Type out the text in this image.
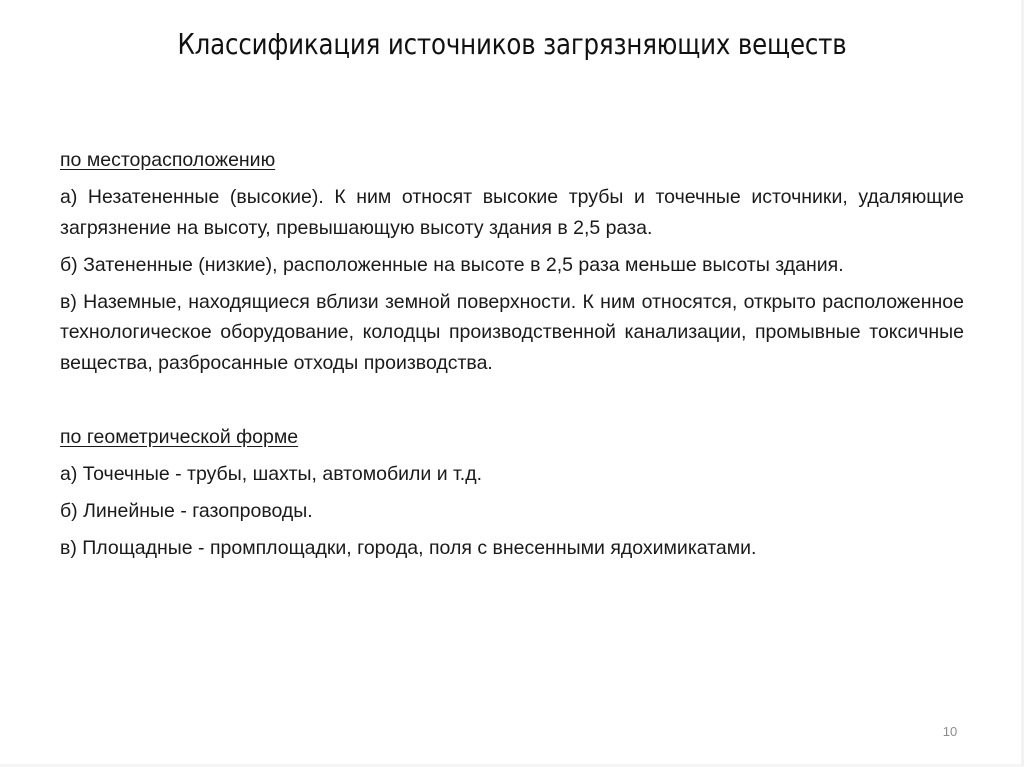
Классификация источников загрязняющих веществ

по месторасположению

а) Незатененные (высокие). К ним относят высокие трубы и точечные источники, удаляющие загрязнение на высоту, превышающую высоту здания в 2,5 раза.

б) Затененные (низкие), расположенные на высоте в 2,5 раза меньше высоты здания.

в) Наземные, находящиеся вблизи земной поверхности. К ним относятся, открыто расположенное технологическое оборудование, колодцы производственной канализации, промывные токсичные вещества, разбросанные отходы производства.

по геометрической форме

а) Точечные - трубы, шахты, автомобили и т.д.

б) Линейные - газопроводы.

в) Площадные - промплощадки, города, поля с внесенными ядохимикатами.

10
